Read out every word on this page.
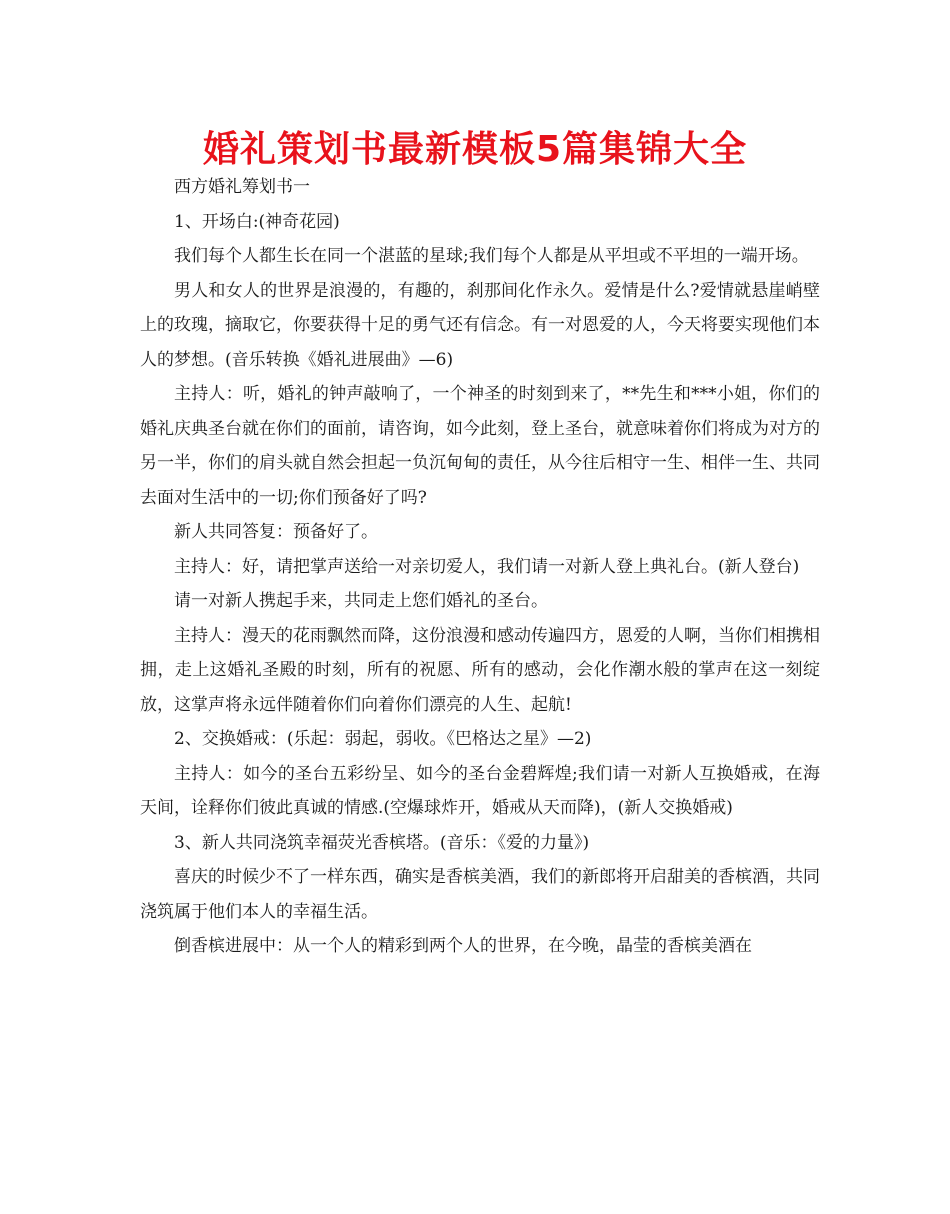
婚礼策划书最新模板5篇集锦大全

西方婚礼筹划书一

1、开场白:(神奇花园)

我们每个人都生长在同一个湛蓝的星球;我们每个人都是从平坦或不平坦的一端开场。

男人和女人的世界是浪漫的，有趣的，刹那间化作永久。爱情是什么?爱情就悬崖峭壁上的玫瑰，摘取它，你要获得十足的勇气还有信念。有一对恩爱的人，今天将要实现他们本人的梦想。(音乐转换《婚礼进展曲》—6)

主持人：听，婚礼的钟声敲响了，一个神圣的时刻到来了，**先生和***小姐，你们的婚礼庆典圣台就在你们的面前，请咨询，如今此刻，登上圣台，就意味着你们将成为对方的另一半，你们的肩头就自然会担起一负沉甸甸的责任，从今往后相守一生、相伴一生、共同去面对生活中的一切;你们预备好了吗?

新人共同答复：预备好了。

主持人：好，请把掌声送给一对亲切爱人，我们请一对新人登上典礼台。(新人登台)

请一对新人携起手来，共同走上您们婚礼的圣台。

主持人：漫天的花雨飘然而降，这份浪漫和感动传遍四方，恩爱的人啊，当你们相携相拥，走上这婚礼圣殿的时刻，所有的祝愿、所有的感动，会化作潮水般的掌声在这一刻绽放，这掌声将永远伴随着你们向着你们漂亮的人生、起航!

2、交换婚戒：(乐起：弱起，弱收。《巴格达之星》—2)

主持人：如今的圣台五彩纷呈、如今的圣台金碧辉煌;我们请一对新人互换婚戒，在海天间，诠释你们彼此真诚的情感.(空爆球炸开，婚戒从天而降)，(新人交换婚戒)

3、新人共同浇筑幸福荧光香槟塔。(音乐：《爱的力量》)

喜庆的时候少不了一样东西，确实是香槟美酒，我们的新郎将开启甜美的香槟酒，共同浇筑属于他们本人的幸福生活。

倒香槟进展中：从一个人的精彩到两个人的世界，在今晚，晶莹的香槟美酒在
